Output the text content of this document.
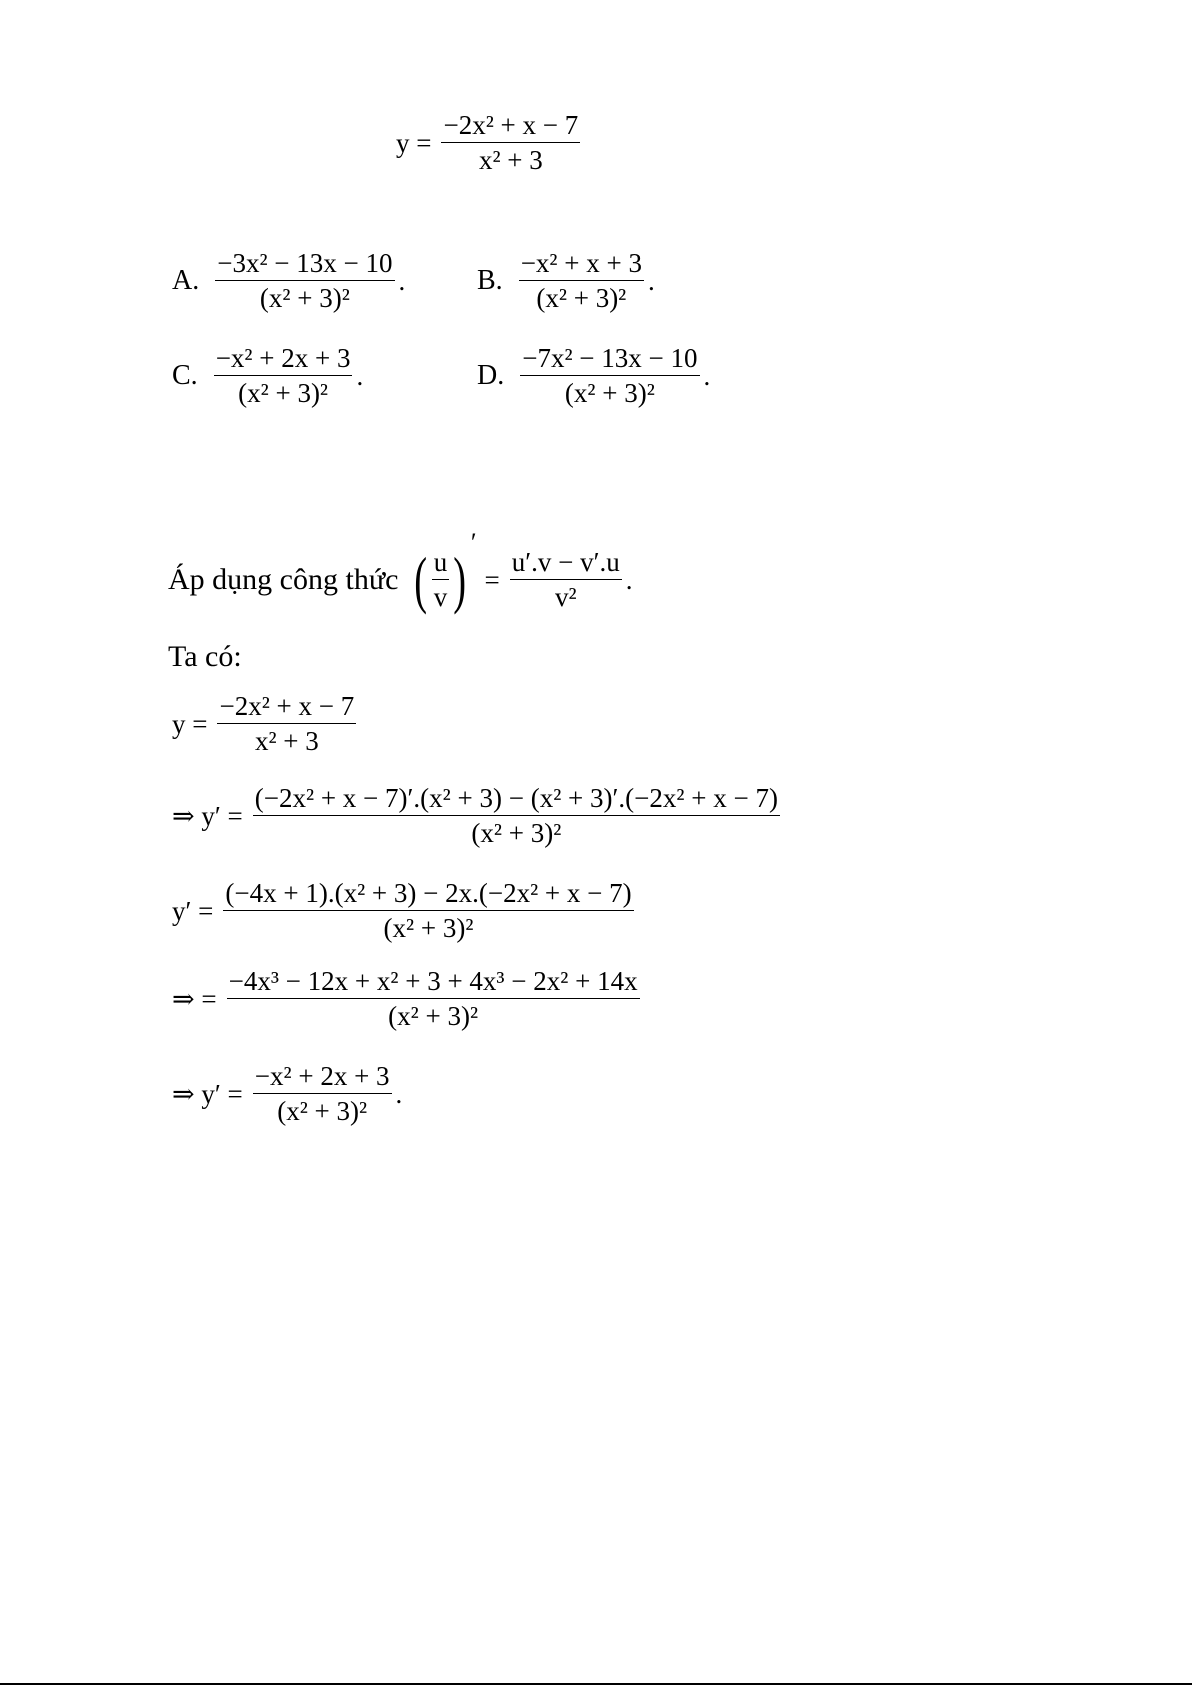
$y = \frac{\text{−2x² + x − 7}}{\text{x² + 3}}$
A. $\frac{\text{−3x² − 13x − 10}}{\text{(x² + 3)²}}$ .	B. $\frac{\text{−x² + x + 3}}{\text{(x² + 3)²}}$ .
C. $\frac{\text{−x² + 2x + 3}}{\text{(x² + 3)²}}$ .	D. $\frac{\text{−7x² − 13x − 10}}{\text{(x² + 3)²}}$ .
Áp dụng công thức ( $\frac{u}{v}$ )
′
= $\frac{u'.v - v'.u}{\text{v²}}$ .
Ta có:
$y = \frac{\text{−2x² + x − 7}}{\text{x² + 3}}$
⇒ $y' = \frac{\text{(−2x² + x − 7)′.(x² + 3) − (x² + 3)′.(−2x² + x − 7)}}{\text{(x² + 3)²}}$
$y' = \frac{\text{(−4x + 1).(x² + 3) − 2x.(−2x² + x − 7)}}{\text{(x² + 3)²}}$
⇒ = $\frac{\text{−4x³ − 12x + x² + 3 + 4x³ − 2x² + 14x}}{\text{(x² + 3)²}}$
⇒ $y' = \frac{\text{−x² + 2x + 3}}{\text{(x² + 3)²}}$ .
